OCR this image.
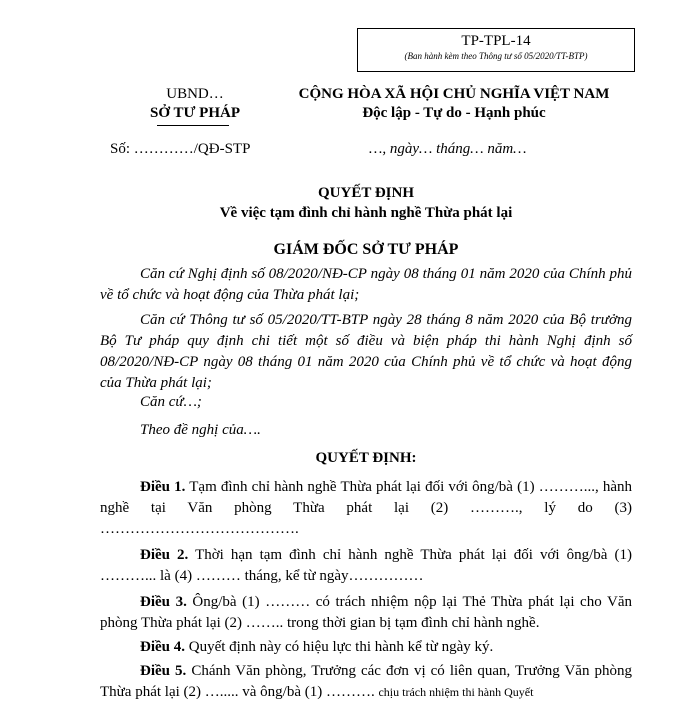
TP-TPL-14
(Ban hành kèm theo Thông tư số 05/2020/TT-BTP)
UBND…
SỞ TƯ PHÁP
CỘNG HÒA XÃ HỘI CHỦ NGHĨA VIỆT NAM
Độc lập - Tự do - Hạnh phúc
Số: …………/QĐ-STP	…, ngày… tháng… năm…
QUYẾT ĐỊNH
Về việc tạm đình chỉ hành nghề Thừa phát lại
GIÁM ĐỐC SỞ TƯ PHÁP
Căn cứ Nghị định số 08/2020/NĐ-CP ngày 08 tháng 01 năm 2020 của Chính phủ về tổ chức và hoạt động của Thừa phát lại;
Căn cứ Thông tư số 05/2020/TT-BTP ngày 28 tháng 8 năm 2020 của Bộ trưởng Bộ Tư pháp quy định chi tiết một số điều và biện pháp thi hành Nghị định số 08/2020/NĐ-CP ngày 08 tháng 01 năm 2020 của Chính phủ về tổ chức và hoạt động của Thừa phát lại;
Căn cứ…;
Theo đề nghị của….
QUYẾT ĐỊNH:
Điều 1. Tạm đình chỉ hành nghề Thừa phát lại đối với ông/bà (1) ………..., hành nghề tại Văn phòng Thừa phát lại (2) ………., lý do (3) ………………………………….
Điều 2. Thời hạn tạm đình chỉ hành nghề Thừa phát lại đối với ông/bà (1) ………... là (4) ……… tháng, kể từ ngày……………
Điều 3. Ông/bà (1) ……… có trách nhiệm nộp lại Thẻ Thừa phát lại cho Văn phòng Thừa phát lại (2) …….. trong thời gian bị tạm đình chỉ hành nghề.
Điều 4. Quyết định này có hiệu lực thi hành kể từ ngày ký.
Điều 5. Chánh Văn phòng, Trưởng các đơn vị có liên quan, Trưởng Văn phòng Thừa phát lại (2) …..... và ông/bà (1) ………. chịu trách nhiệm thi hành Quyết
